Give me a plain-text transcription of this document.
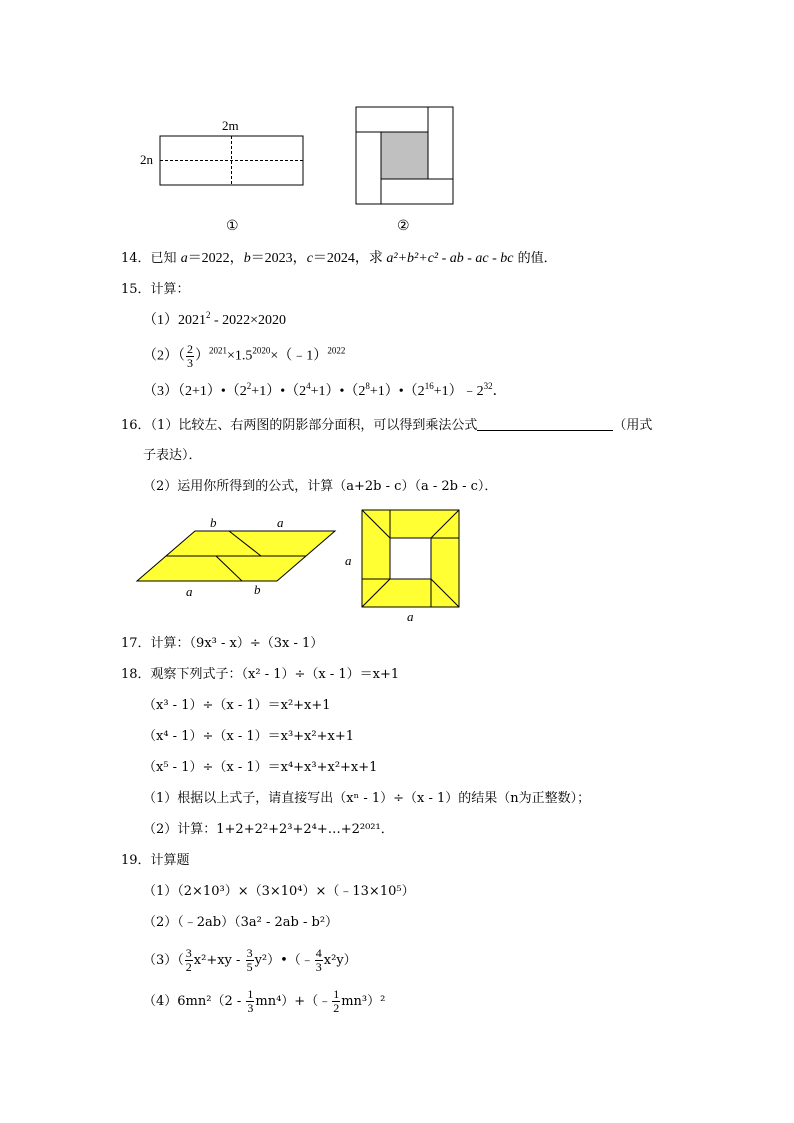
2m
2n
①	②
14．已知 a＝2022，b＝2023，c＝2024，求 a²+b²+c² - ab - ac - bc 的值．
15．计算：
（1）2021$^2$ - 2022×2020
$(2)( \frac{2}{3}$ ）$^{2021}\times 1.5^{2020}\times(﹣1)^{2022}$
$(3)(2+1)•(2^2+1)•(2^4+1)•(2^8+1)•(2^{16}+1)﹣2^{32}$．
16．（1）比较左、右两图的阴影部分面积，可以得到乘法公式	（用式
子表达）．
（2）运用你所得到的公式，计算（a+2b - c）（a - 2b - c）．
b	a
a	b
a
a
17．计算：（9x³ - x）÷（3x - 1）
18．观察下列式子：（x² - 1）÷（x - 1）＝x+1
（x³ - 1）÷（x - 1）＝x²+x+1
（x⁴ - 1）÷（x - 1）＝x³+x²+x+1
（x⁵ - 1）÷（x - 1）＝x⁴+x³+x²+x+1
（1）根据以上式子，请直接写出（xⁿ - 1）÷（x - 1）的结果（n为正整数）；
（2）计算：1+2+2²+2³+2⁴+…+2²⁰²¹．
19．计算题
（1）（2×10³）×（3×10⁴）×（﹣13×10⁵）
（2）（﹣2ab）（3a² - 2ab - b²）
$(3)( \frac{3}{2} x^2+xy - \frac{3}{5}$ y²）•（﹣ $\frac{4}{3} x^2y$）
$(4)6mn^2(2 - \frac{1}{3}$ mn⁴）+（﹣ $\frac{1}{2} mn^3)^2$
